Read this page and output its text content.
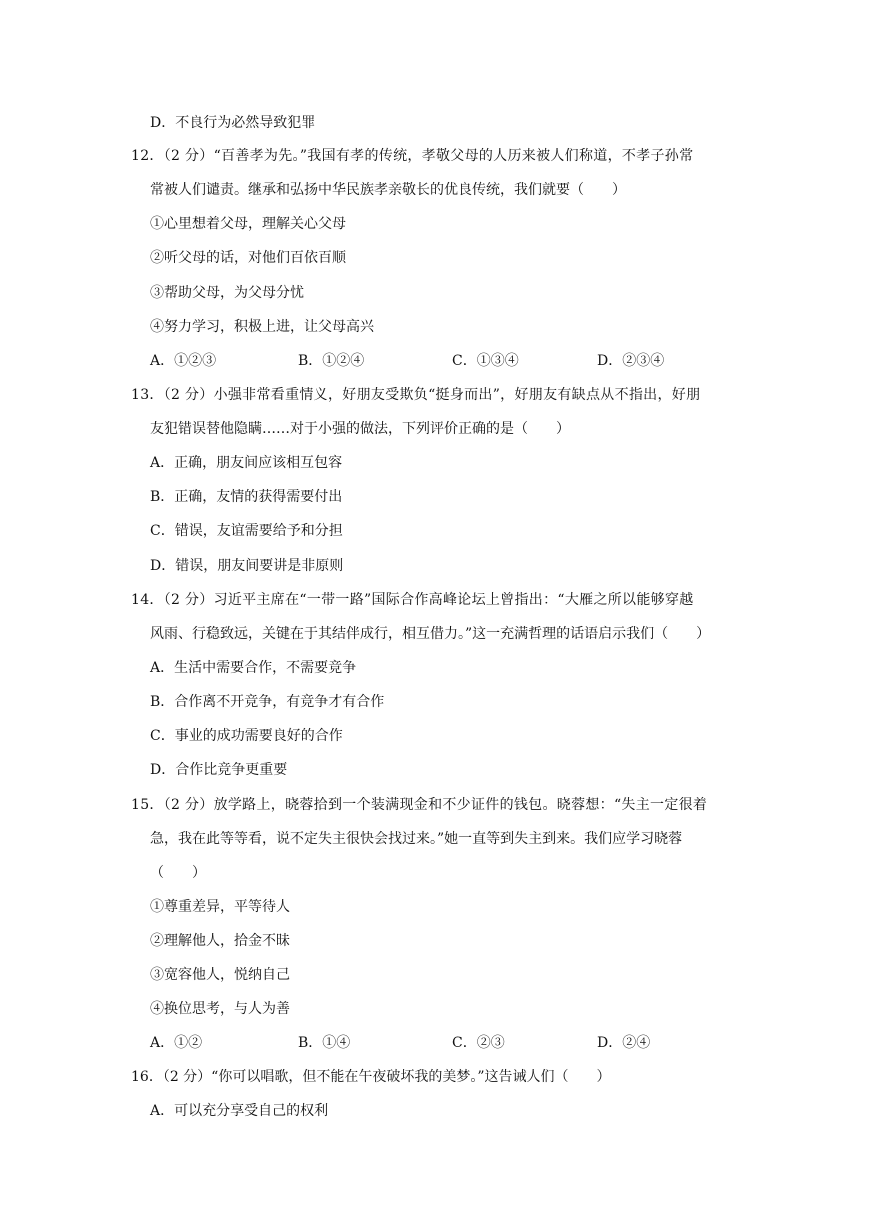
D．不良行为必然导致犯罪
12．（2 分）“百善孝为先。”我国有孝的传统，孝敬父母的人历来被人们称道，不孝子孙常
常被人们谴责。继承和弘扬中华民族孝亲敬长的优良传统，我们就要（　　）
①心里想着父母，理解关心父母
②听父母的话，对他们百依百顺
③帮助父母，为父母分忧
④努力学习，积极上进，让父母高兴
A．①②③	B．①②④	C．①③④	D．②③④
13．（2 分）小强非常看重情义，好朋友受欺负“挺身而出”，好朋友有缺点从不指出，好朋
友犯错误替他隐瞒……对于小强的做法，下列评价正确的是（　　）
A．正确，朋友间应该相互包容
B．正确，友情的获得需要付出
C．错误，友谊需要给予和分担
D．错误，朋友间要讲是非原则
14．（2 分）习近平主席在“一带一路”国际合作高峰论坛上曾指出：“大雁之所以能够穿越
风雨、行稳致远，关键在于其结伴成行，相互借力。”这一充满哲理的话语启示我们（　　）
A．生活中需要合作，不需要竞争
B．合作离不开竞争，有竞争才有合作
C．事业的成功需要良好的合作
D．合作比竞争更重要
15．（2 分）放学路上，晓蓉拾到一个装满现金和不少证件的钱包。晓蓉想：“失主一定很着
急，我在此等等看，说不定失主很快会找过来。”她一直等到失主到来。我们应学习晓蓉
（　　）
①尊重差异，平等待人
②理解他人，拾金不昧
③宽容他人，悦纳自己
④换位思考，与人为善
A．①②	B．①④	C．②③	D．②④
16．（2 分）“你可以唱歌，但不能在午夜破坏我的美梦。”这告诫人们（　　）
A．可以充分享受自己的权利
